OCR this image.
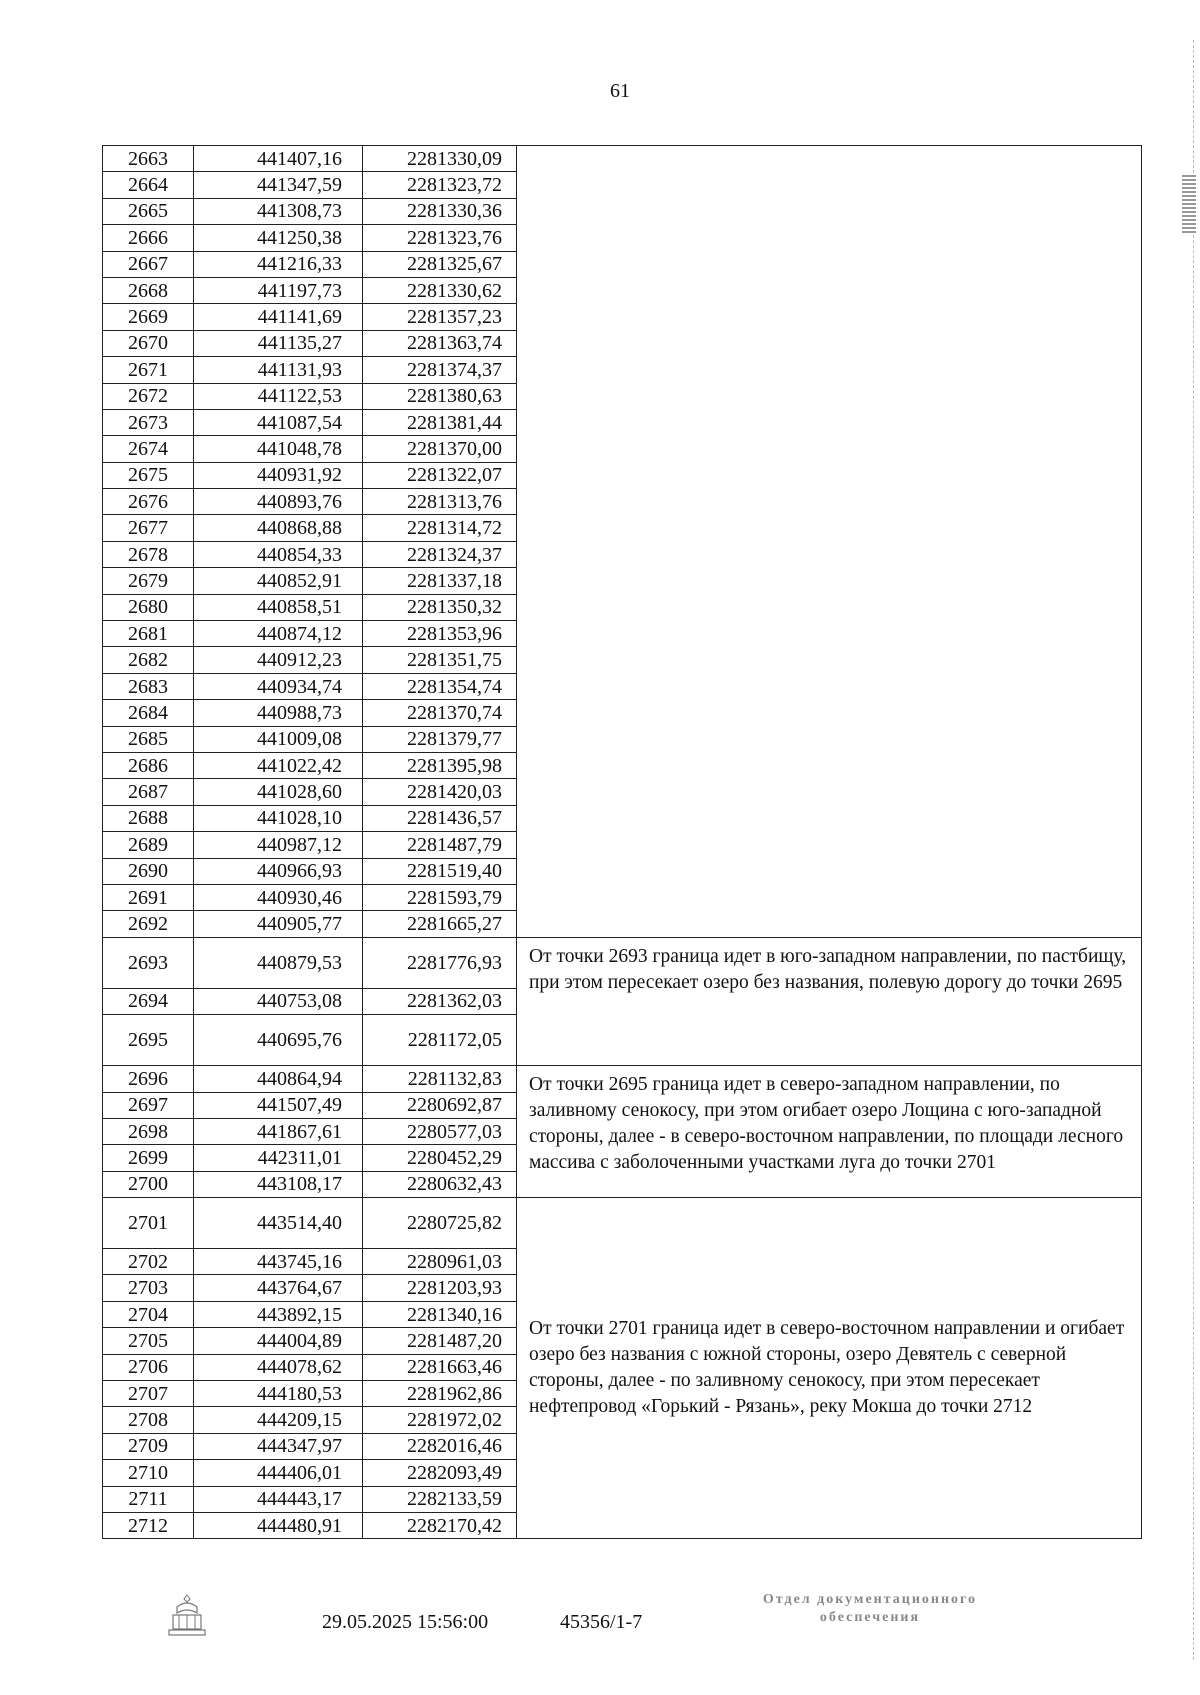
61
2663	441407,16	2281330,09	
2664	441347,59	2281323,72	
2665	441308,73	2281330,36	
2666	441250,38	2281323,76	
2667	441216,33	2281325,67	
2668	441197,73	2281330,62	
2669	441141,69	2281357,23	
2670	441135,27	2281363,74	
2671	441131,93	2281374,37	
2672	441122,53	2281380,63	
2673	441087,54	2281381,44	
2674	441048,78	2281370,00	
2675	440931,92	2281322,07	
2676	440893,76	2281313,76	
2677	440868,88	2281314,72	
2678	440854,33	2281324,37	
2679	440852,91	2281337,18	
2680	440858,51	2281350,32	
2681	440874,12	2281353,96	
2682	440912,23	2281351,75	
2683	440934,74	2281354,74	
2684	440988,73	2281370,74	
2685	441009,08	2281379,77	
2686	441022,42	2281395,98	
2687	441028,60	2281420,03	
2688	441028,10	2281436,57	
2689	440987,12	2281487,79	
2690	440966,93	2281519,40	
2691	440930,46	2281593,79	
2692	440905,77	2281665,27	
2693	440879,53	2281776,93	От точки 2693 граница идет в юго-западном направлении, по пастбищу, при этом пересекает озеро без названия, полевую дорогу до точки 2695
2694	440753,08	2281362,03	
2695	440695,76	2281172,05	
2696	440864,94	2281132,83	От точки 2695 граница идет в северо-западном направлении, по заливному сенокосу, при этом огибает озеро Лощина с юго-западной стороны, далее - в северо-восточном направлении, по площади лесного массива с заболоченными участками луга до точки 2701
2697	441507,49	2280692,87	
2698	441867,61	2280577,03	
2699	442311,01	2280452,29	
2700	443108,17	2280632,43	
2701	443514,40	2280725,82	От точки 2701 граница идет в северо-восточном направлении и огибает озеро без названия с южной стороны, озеро Девятель с северной стороны, далее - по заливному сенокосу, при этом пересекает нефтепровод «Горький - Рязань», реку Мокша до точки 2712
2702	443745,16	2280961,03	
2703	443764,67	2281203,93	
2704	443892,15	2281340,16	
2705	444004,89	2281487,20	
2706	444078,62	2281663,46	
2707	444180,53	2281962,86	
2708	444209,15	2281972,02	
2709	444347,97	2282016,46	
2710	444406,01	2282093,49	
2711	444443,17	2282133,59	
2712	444480,91	2282170,42	
29.05.2025 15:56:00	45356/1-7
Отдел документационного
обеспечения
